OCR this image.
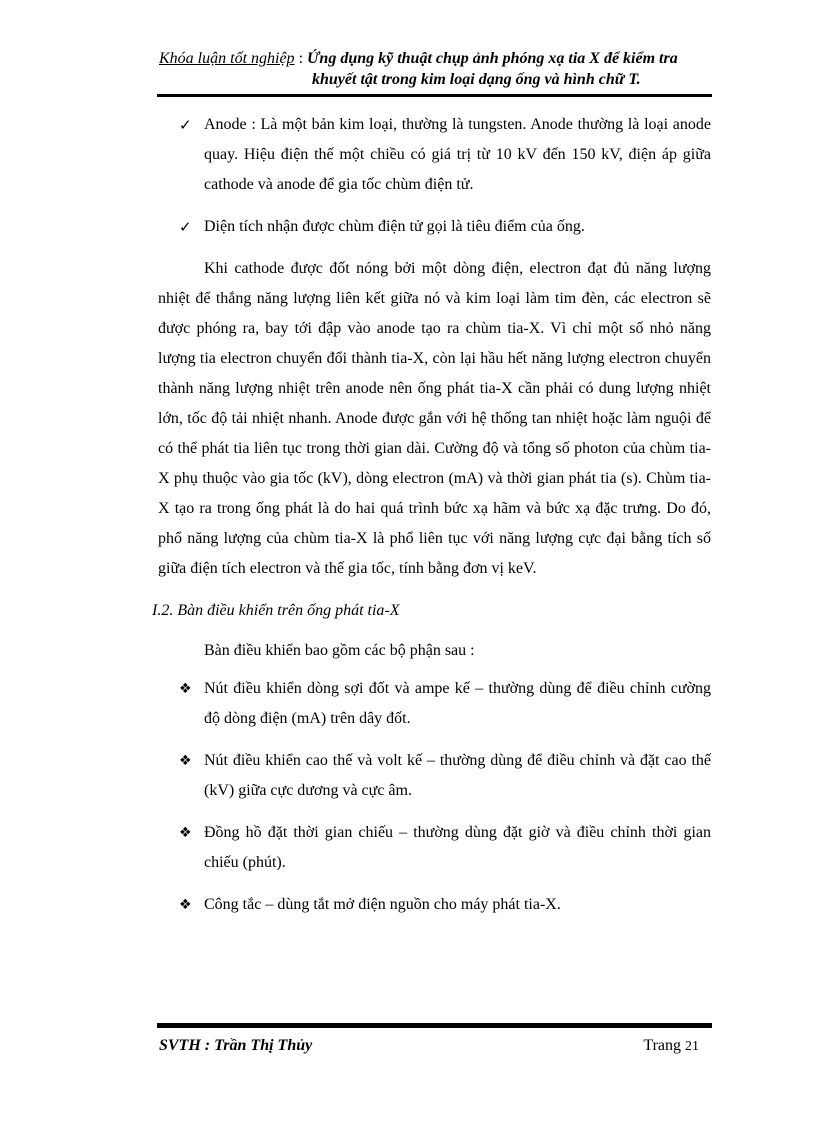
Khóa luận tốt nghiệp : Ứng dụng kỹ thuật chụp ảnh phóng xạ tia X để kiểm tra
khuyết tật trong kim loại dạng ống và hình chữ T.
✓ Anode : Là một bản kim loại, thường là tungsten. Anode thường là loại anode quay. Hiệu điện thế một chiều có giá trị từ 10 kV đến 150 kV, điện áp giữa cathode và anode để gia tốc chùm điện tử.
✓ Diện tích nhận được chùm điện tử gọi là tiêu điểm của ống.

Khi cathode được đốt nóng bởi một dòng điện, electron đạt đủ năng lượng nhiệt để thắng năng lượng liên kết giữa nó và kim loại làm tim đèn, các electron sẽ được phóng ra, bay tới đập vào anode tạo ra chùm tia-X. Vì chỉ một số nhỏ năng lượng tia electron chuyển đổi thành tia-X, còn lại hầu hết năng lượng electron chuyển thành năng lượng nhiệt trên anode nên ống phát tia-X cần phải có dung lượng nhiệt lớn, tốc độ tải nhiệt nhanh. Anode được gắn với hệ thống tan nhiệt hoặc làm nguội để có thể phát tia liên tục trong thời gian dài. Cường độ và tổng số photon của chùm tia-X phụ thuộc vào gia tốc (kV), dòng electron (mA) và thời gian phát tia (s). Chùm tia-X tạo ra trong ống phát là do hai quá trình bức xạ hãm và bức xạ đặc trưng. Do đó, phổ năng lượng của chùm tia-X là phổ liên tục với năng lượng cực đại bằng tích số giữa điện tích electron và thế gia tốc, tính bằng đơn vị keV.

I.2. Bàn điều khiển trên ống phát tia-X
Bàn điều khiển bao gồm các bộ phận sau :
❖ Nút điều khiển dòng sợi đốt và ampe kế – thường dùng để điều chỉnh cường độ dòng điện (mA) trên dây đốt.
❖ Nút điều khiển cao thế và volt kế – thường dùng để điều chỉnh và đặt cao thế (kV) giữa cực dương và cực âm.
❖ Đồng hồ đặt thời gian chiếu – thường dùng đặt giờ và điều chỉnh thời gian chiếu (phút).
❖ Công tắc – dùng tắt mở điện nguồn cho máy phát tia-X.
SVTH : Trần Thị Thủy	Trang 21
